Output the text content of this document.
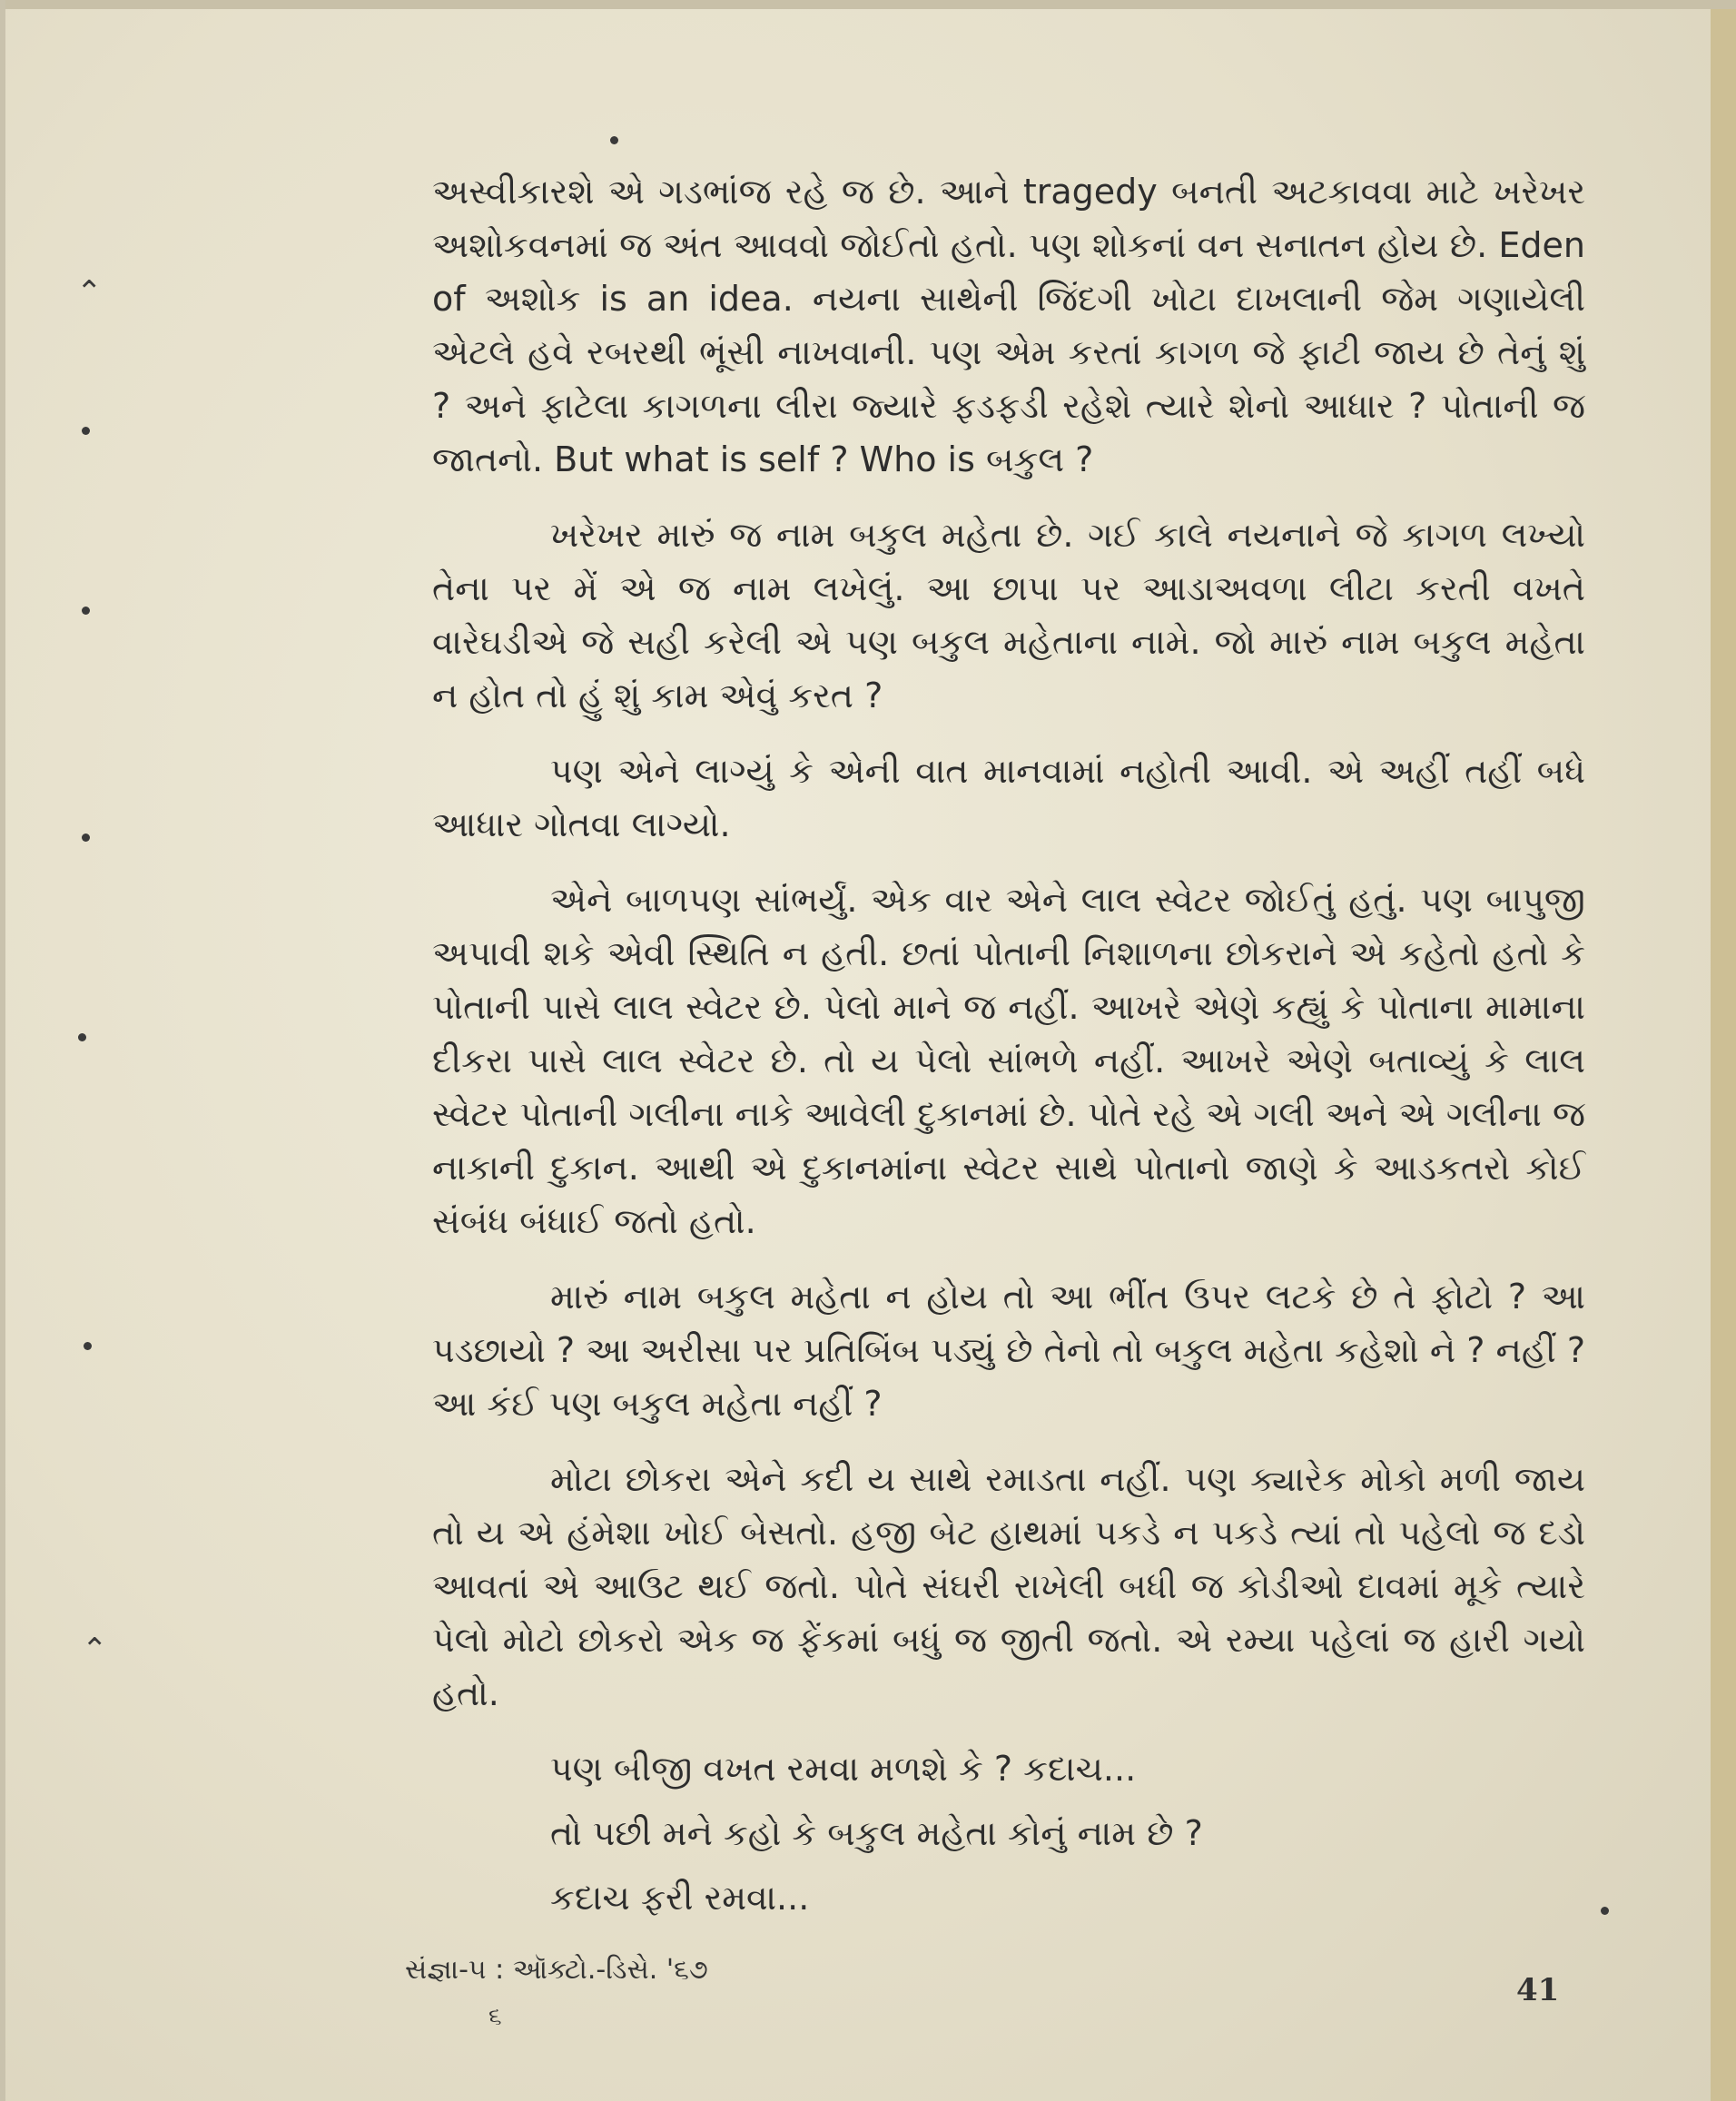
⌃
⌃

અસ્વીકારશે એ ગડભાંજ રહે જ છે. આને tragedy બનતી અટકાવવા માટે ખરેખર અશોકવનમાં જ અંત આવવો જોઈતો હતો. પણ શોકનાં વન સનાતન હોય છે. Eden of અશોક is an idea. નયના સાથેની જિંદગી ખોટા દાખલાની જેમ ગણાયેલી એટલે હવે રબરથી ભૂંસી નાખવાની. પણ એમ કરતાં કાગળ જે ફાટી જાય છે તેનું શું ? અને ફાટેલા કાગળના લીરા જ્યારે ફડફડી રહેશે ત્યારે શેનો આધાર ? પોતાની જ જાતનો. But what is self ? Who is બકુલ ?

ખરેખર મારું જ નામ બકુલ મહેતા છે. ગઈ કાલે નયનાને જે કાગળ લખ્યો તેના પર મેં એ જ નામ લખેલું. આ છાપા પર આડાઅવળા લીટા કરતી વખતે વારેઘડીએ જે સહી કરેલી એ પણ બકુલ મહેતાના નામે. જો મારું નામ બકુલ મહેતા ન હોત તો હું શું કામ એવું કરત ?

પણ એને લાગ્યું કે એની વાત માનવામાં નહોતી આવી. એ અહીં તહીં બધે આધાર ગોતવા લાગ્યો.

એને બાળપણ સાંભર્યું. એક વાર એને લાલ સ્વેટર જોઈતું હતું. પણ બાપુજી અપાવી શકે એવી સ્થિતિ ન હતી. છતાં પોતાની નિશાળના છોકરાને એ કહેતો હતો કે પોતાની પાસે લાલ સ્વેટર છે. પેલો માને જ નહીં. આખરે એણે કહ્યું કે પોતાના મામાના દીકરા પાસે લાલ સ્વેટર છે. તો ય પેલો સાંભળે નહીં. આખરે એણે બતાવ્યું કે લાલ સ્વેટર પોતાની ગલીના નાકે આવેલી દુકાનમાં છે. પોતે રહે એ ગલી અને એ ગલીના જ નાકાની દુકાન. આથી એ દુકાનમાંના સ્વેટર સાથે પોતાનો જાણે કે આડકતરો કોઈ સંબંધ બંધાઈ જતો હતો.

મારું નામ બકુલ મહેતા ન હોય તો આ ભીંત ઉપર લટકે છે તે ફોટો ? આ પડછાયો ? આ અરીસા પર પ્રતિબિંબ પડ્યું છે તેનો તો બકુલ મહેતા કહેશો ને ? નહીં ? આ કંઈ પણ બકુલ મહેતા નહીં ?

મોટા છોકરા એને કદી ય સાથે રમાડતા નહીં. પણ ક્યારેક મોકો મળી જાય તો ય એ હંમેશા ખોઈ બેસતો. હજી બેટ હાથમાં પકડે ન પકડે ત્યાં તો પહેલો જ દડો આવતાં એ આઉટ થઈ જતો. પોતે સંઘરી રાખેલી બધી જ કોડીઓ દાવમાં મૂકે ત્યારે પેલો મોટો છોકરો એક જ ફેંકમાં બધું જ જીતી જતો. એ રમ્યા પહેલાં જ હારી ગયો હતો.

પણ બીજી વખત રમવા મળશે કે ? કદાચ...

તો પછી મને કહો કે બકુલ મહેતા કોનું નામ છે ?

કદાચ ફરી રમવા...

સંજ્ઞા-૫ : ઑક્ટો.-ડિસે. '૬૭
૬
41
